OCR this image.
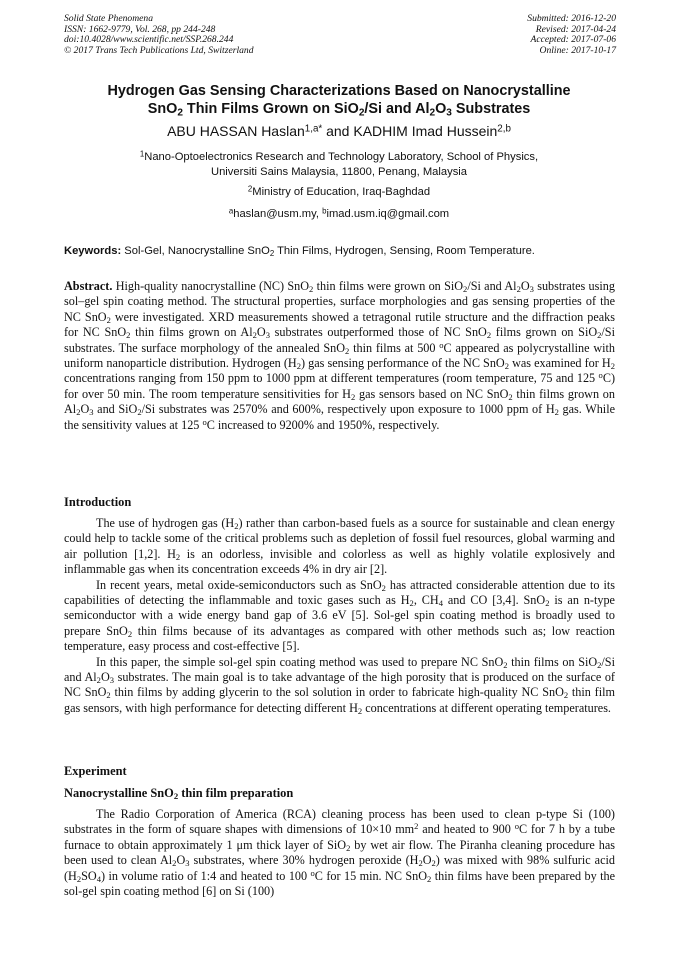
Solid State Phenomena
ISSN: 1662-9779, Vol. 268, pp 244-248
doi:10.4028/www.scientific.net/SSP.268.244
© 2017 Trans Tech Publications Ltd, Switzerland
Submitted: 2016-12-20
Revised: 2017-04-24
Accepted: 2017-07-06
Online: 2017-10-17
Hydrogen Gas Sensing Characterizations Based on Nanocrystalline
SnO$_2$ Thin Films Grown on SiO$_2$/Si and $Al_2O_3$ Substrates
ABU HASSAN Haslan$^{1,a*}$ and KADHIM Imad Hussein$^{2,b}$
$^1$Nano-Optoelectronics Research and Technology Laboratory, School of Physics,
Universiti Sains Malaysia, 11800, Penang, Malaysia
$^2$Ministry of Education, Iraq-Baghdad
$^a$haslan@usm.my, $^b$imad.usm.iq@gmail.com
Keywords: Sol-Gel, Nanocrystalline SnO$_2$ Thin Films, Hydrogen, Sensing, Room Temperature.

Abstract. High-quality nanocrystalline (NC) SnO$_2$ thin films were grown on SiO$_2$/Si and $Al_2O_3$ substrates using sol–gel spin coating method. The structural properties, surface morphologies and gas sensing properties of the NC SnO$_2$ were investigated. XRD measurements showed a tetragonal rutile structure and the diffraction peaks for NC SnO$_2$ thin films grown on $Al_2O_3$ substrates outperformed those of NC SnO$_2$ films grown on SiO$_2$/Si substrates. The surface morphology of the annealed SnO$_2$ thin films at 500 $^o$C appeared as polycrystalline with uniform nanoparticle distribution. Hydrogen $(H_2)$ gas sensing performance of the NC SnO$_2$ was examined for $H_2$ concentrations ranging from 150 ppm to 1000 ppm at different temperatures (room temperature, 75 and 125 $^o$C) for over 50 min. The room temperature sensitivities for $H_2$ gas sensors based on NC SnO$_2$ thin films grown on $Al_2O_3$ and SiO$_2$/Si substrates was 2570% and 600%, respectively upon exposure to 1000 ppm of $H_2$ gas. While the sensitivity values at 125 $^o$C increased to 9200% and 1950%, respectively.

Introduction

The use of hydrogen gas $(H_2)$ rather than carbon-based fuels as a source for sustainable and clean energy could help to tackle some of the critical problems such as depletion of fossil fuel resources, global warming and air pollution [1,2]. $H_2$ is an odorless, invisible and colorless as well as highly volatile explosively and inflammable gas when its concentration exceeds 4% in dry air [2].

In recent years, metal oxide-semiconductors such as SnO$_2$ has attracted considerable attention due to its capabilities of detecting the inflammable and toxic gases such as $H_2$, $CH_4$ and CO [3,4]. SnO$_2$ is an n-type semiconductor with a wide energy band gap of 3.6 eV [5]. Sol-gel spin coating method is broadly used to prepare SnO$_2$ thin films because of its advantages as compared with other methods such as; low reaction temperature, easy process and cost-effective [5].

In this paper, the simple sol-gel spin coating method was used to prepare NC SnO$_2$ thin films on SiO$_2$/Si and $Al_2O_3$ substrates. The main goal is to take advantage of the high porosity that is produced on the surface of NC SnO$_2$ thin films by adding glycerin to the sol solution in order to fabricate high-quality NC SnO$_2$ thin film gas sensors, with high performance for detecting different $H_2$ concentrations at different operating temperatures.

Experiment
Nanocrystalline SnO$_2$ thin film preparation

The Radio Corporation of America (RCA) cleaning process has been used to clean p-type Si (100) substrates in the form of square shapes with dimensions of 10×10 $mm^2$ and heated to 900 $^o$C for 7 h by a tube furnace to obtain approximately 1 μm thick layer of SiO$_2$ by wet air flow. The Piranha cleaning procedure has been used to clean $Al_2O_3$ substrates, where 30% hydrogen peroxide $(H_2O_2)$ was mixed with 98% sulfuric acid $(H_2SO_4)$ in volume ratio of 1:4 and heated to 100 $^o$C for 15 min. NC SnO$_2$ thin films have been prepared by the sol-gel spin coating method [6] on Si (100)
